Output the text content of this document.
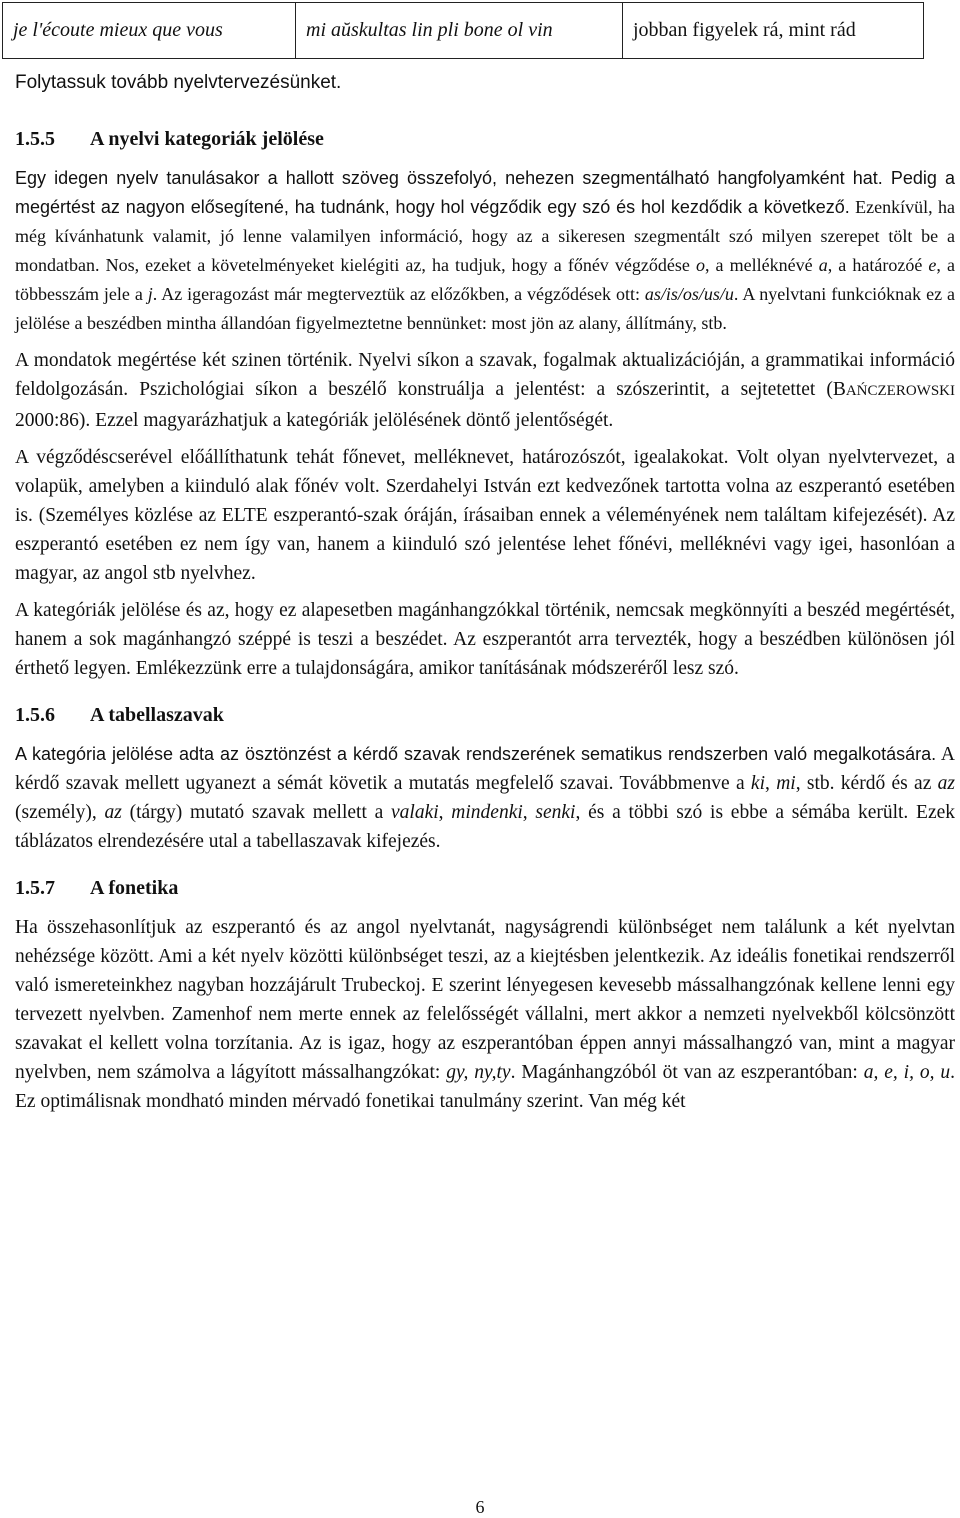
je l'écoute mieux que vous	mi aŭskultas lin pli bone ol vin	jobban figyelek rá, mint rád
Folytassuk tovább nyelvtervezésünket.
1.5.5 A nyelvi kategoriák jelölése

Egy idegen nyelv tanulásakor a hallott szöveg összefolyó, nehezen szegmentálható hangfolyamként hat. Pedig a megértést az nagyon elősegítené, ha tudnánk, hogy hol végződik egy szó és hol kezdődik a következő. Ezenkívül, ha még kívánhatunk valamit, jó lenne valamilyen információ, hogy az a sikeresen szegmentált szó milyen szerepet tölt be a mondatban. Nos, ezeket a követelményeket kielégiti az, ha tudjuk, hogy a főnév végződése o, a melléknévé a, a határozóé e, a többesszám jele a j. Az igeragozást már megterveztük az előzőkben, a végződések ott: as/is/os/us/u. A nyelvtani funkcióknak ez a jelölése a beszédben mintha állandóan figyelmeztetne bennünket: most jön az alany, állítmány, stb.

A mondatok megértése két szinen történik. Nyelvi síkon a szavak, fogalmak aktualizációján, a grammatikai információ feldolgozásán. Pszichológiai síkon a beszélő konstruálja a jelentést: a szószerintit, a sejtetettet (BAŃCZEROWSKI 2000:86). Ezzel magyarázhatjuk a kategóriák jelölésének döntő jelentőségét.

A végződéscserével előállíthatunk tehát főnevet, melléknevet, határozószót, igealakokat. Volt olyan nyelvtervezet, a volapük, amelyben a kiinduló alak főnév volt. Szerdahelyi István ezt kedvezőnek tartotta volna az eszperantó esetében is. (Személyes közlése az ELTE eszperantó-szak óráján, írásaiban ennek a véleményének nem találtam kifejezését). Az eszperantó esetében ez nem így van, hanem a kiinduló szó jelentése lehet főnévi, melléknévi vagy igei, hasonlóan a magyar, az angol stb nyelvhez.

A kategóriák jelölése és az, hogy ez alapesetben magánhangzókkal történik, nemcsak megkönnyíti a beszéd megértését, hanem a sok magánhangzó széppé is teszi a beszédet. Az eszperantót arra tervezték, hogy a beszédben különösen jól érthető legyen. Emlékezzünk erre a tulajdonságára, amikor tanításának módszeréről lesz szó.

1.5.6 A tabellaszavak

A kategória jelölése adta az ösztönzést a kérdő szavak rendszerének sematikus rendszerben való megalkotására. A kérdő szavak mellett ugyanezt a sémát követik a mutatás megfelelő szavai. Továbbmenve a ki, mi, stb. kérdő és az az (személy), az (tárgy) mutató szavak mellett a valaki, mindenki, senki, és a többi szó is ebbe a sémába került. Ezek táblázatos elrendezésére utal a tabellaszavak kifejezés.

1.5.7 A fonetika

Ha összehasonlítjuk az eszperantó és az angol nyelvtanát, nagyságrendi különbséget nem találunk a két nyelvtan nehézsége között. Ami a két nyelv közötti különbséget teszi, az a kiejtésben jelentkezik. Az ideális fonetikai rendszerről való ismereteinkhez nagyban hozzájárult Trubeckoj. E szerint lényegesen kevesebb mássalhangzónak kellene lenni egy tervezett nyelvben. Zamenhof nem merte ennek az felelősségét vállalni, mert akkor a nemzeti nyelvekből kölcsönzött szavakat el kellett volna torzítania. Az is igaz, hogy az eszperantóban éppen annyi mássalhangzó van, mint a magyar nyelvben, nem számolva a lágyított mássalhangzókat: gy, ny,ty. Magánhangzóból öt van az eszperantóban: a, e, i, o, u. Ez optimálisnak mondható minden mérvadó fonetikai tanulmány szerint. Van még két

6
